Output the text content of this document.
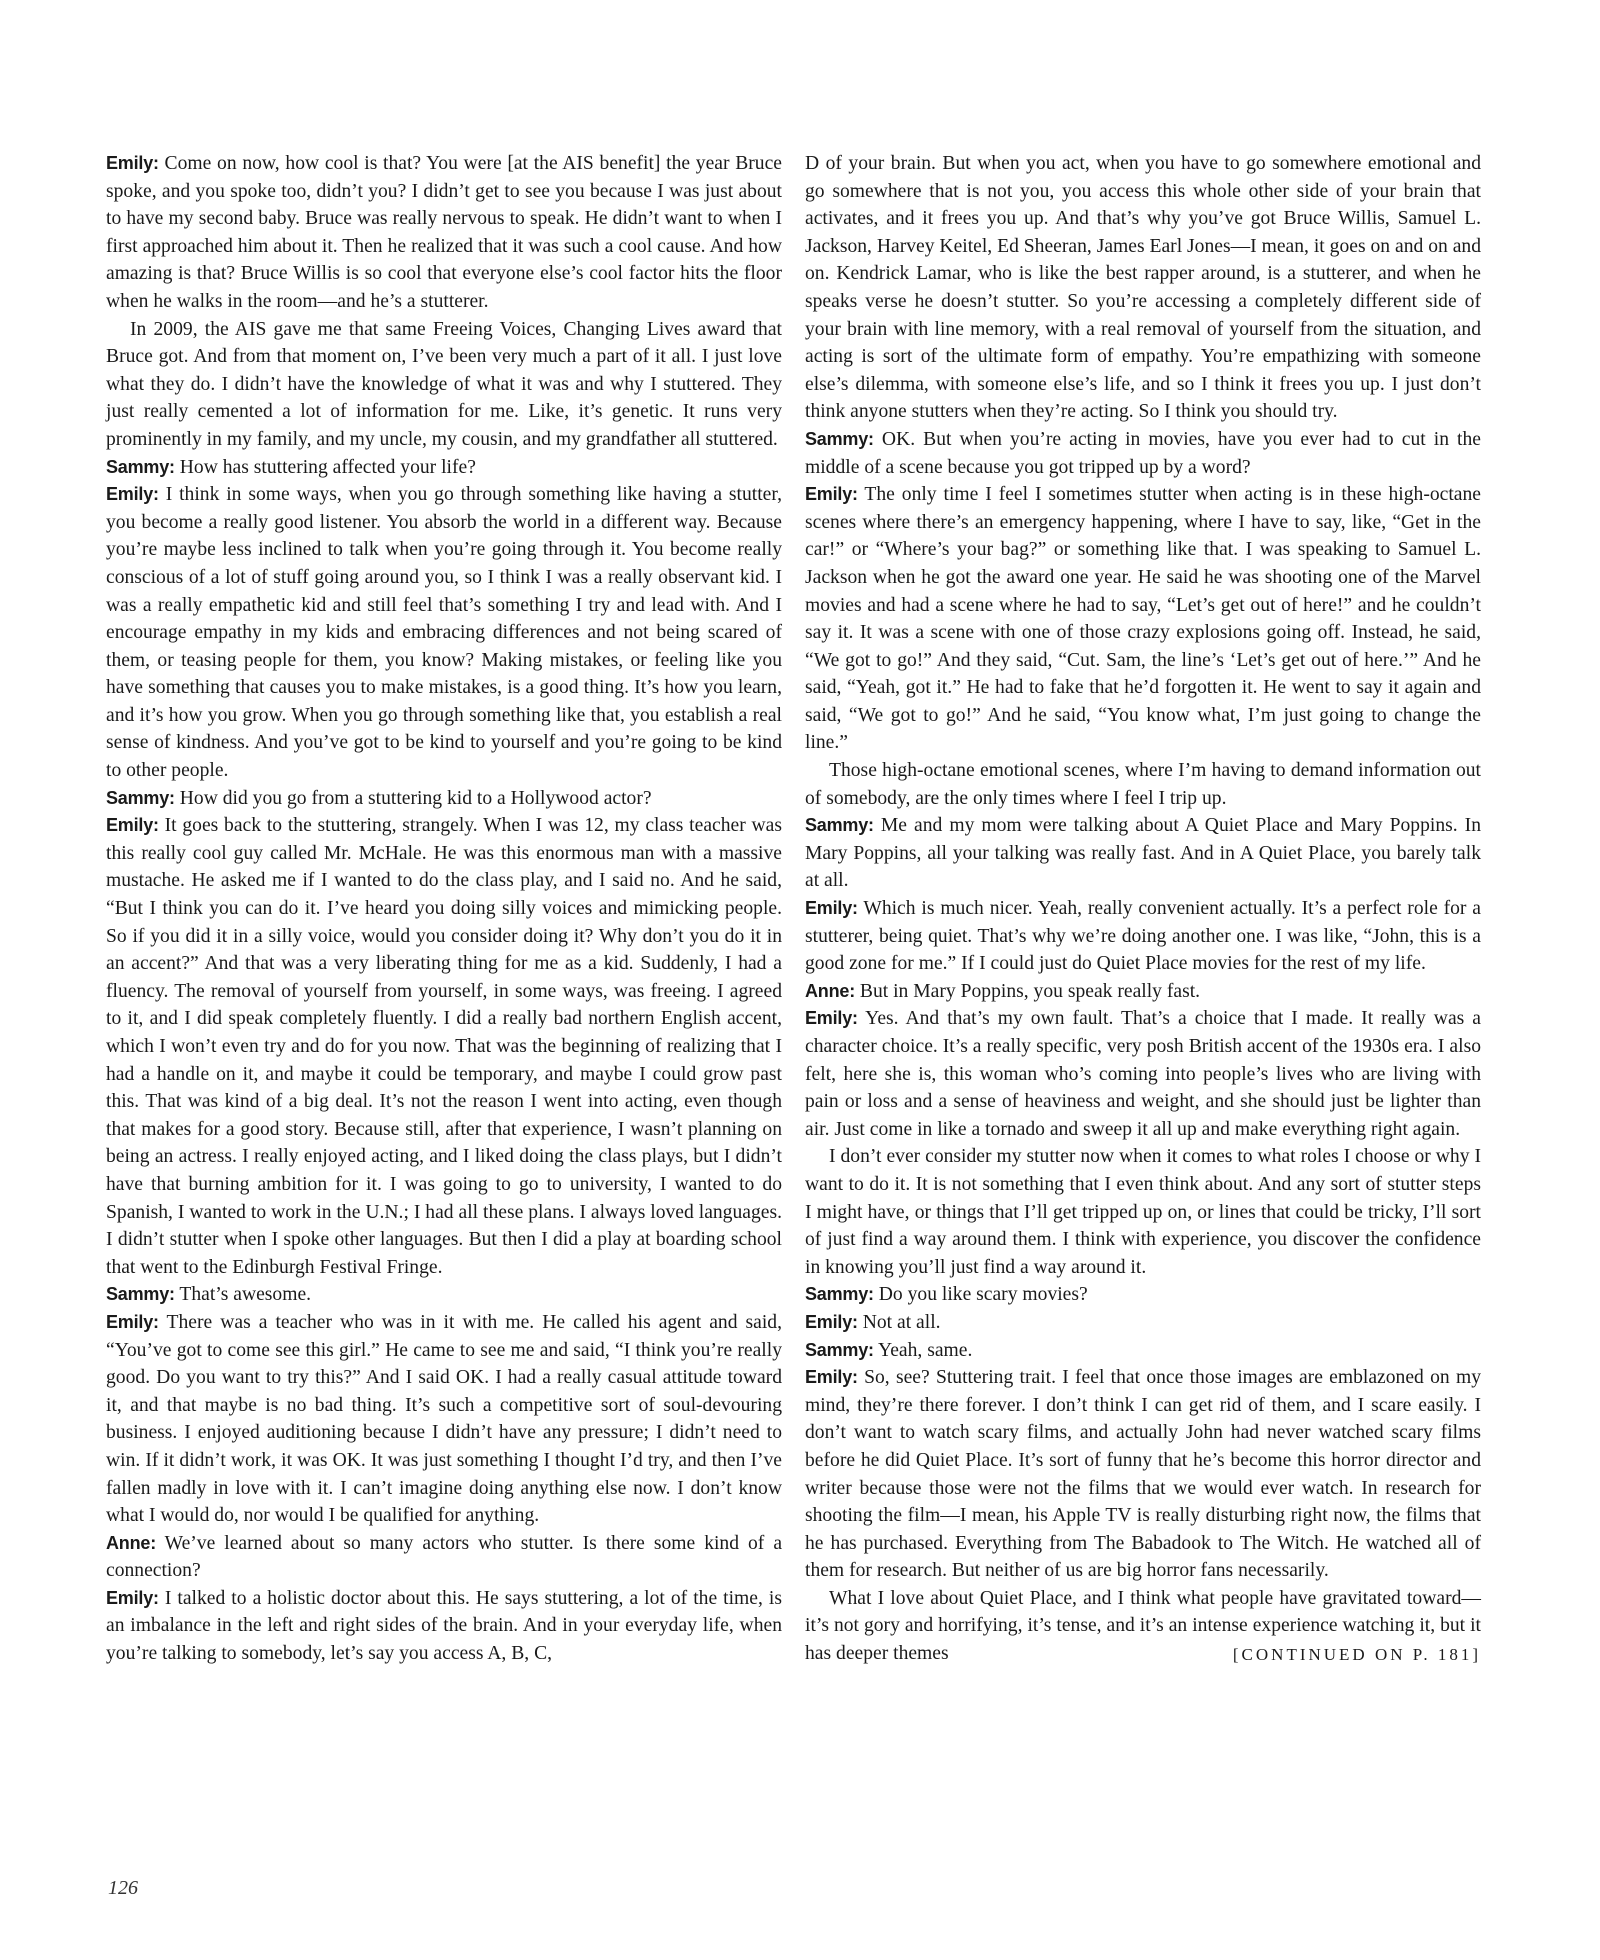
Emily: Come on now, how cool is that? You were [at the AIS benefit] the year Bruce spoke, and you spoke too, didn’t you? I didn’t get to see you because I was just about to have my second baby. Bruce was really nervous to speak. He didn’t want to when I first approached him about it. Then he realized that it was such a cool cause. And how amazing is that? Bruce Willis is so cool that everyone else’s cool factor hits the floor when he walks in the room—and he’s a stutterer.

In 2009, the AIS gave me that same Freeing Voices, Changing Lives award that Bruce got. And from that moment on, I’ve been very much a part of it all. I just love what they do. I didn’t have the knowledge of what it was and why I stuttered. They just really cemented a lot of information for me. Like, it’s genetic. It runs very prominently in my family, and my uncle, my cousin, and my grandfather all stuttered.

Sammy: How has stuttering affected your life?

Emily: I think in some ways, when you go through something like having a stutter, you become a really good listener. You absorb the world in a different way. Because you’re maybe less inclined to talk when you’re going through it. You become really conscious of a lot of stuff going around you, so I think I was a really observant kid. I was a really empathetic kid and still feel that’s something I try and lead with. And I encourage empathy in my kids and embracing differences and not being scared of them, or teasing people for them, you know? Making mistakes, or feeling like you have something that causes you to make mistakes, is a good thing. It’s how you learn, and it’s how you grow. When you go through something like that, you establish a real sense of kindness. And you’ve got to be kind to yourself and you’re going to be kind to other people.

Sammy: How did you go from a stuttering kid to a Hollywood actor?

Emily: It goes back to the stuttering, strangely. When I was 12, my class teacher was this really cool guy called Mr. McHale. He was this enormous man with a massive mustache. He asked me if I wanted to do the class play, and I said no. And he said, “But I think you can do it. I’ve heard you doing silly voices and mimicking people. So if you did it in a silly voice, would you consider doing it? Why don’t you do it in an accent?” And that was a very liberating thing for me as a kid. Suddenly, I had a fluency. The removal of yourself from yourself, in some ways, was freeing. I agreed to it, and I did speak completely fluently. I did a really bad northern English accent, which I won’t even try and do for you now. That was the beginning of realizing that I had a handle on it, and maybe it could be temporary, and maybe I could grow past this. That was kind of a big deal. It’s not the reason I went into acting, even though that makes for a good story. Because still, after that experience, I wasn’t planning on being an actress. I really enjoyed acting, and I liked doing the class plays, but I didn’t have that burning ambition for it. I was going to go to university, I wanted to do Spanish, I wanted to work in the U.N.; I had all these plans. I always loved languages. I didn’t stutter when I spoke other languages. But then I did a play at boarding school that went to the Edinburgh Festival Fringe.

Sammy: That’s awesome.

Emily: There was a teacher who was in it with me. He called his agent and said, “You’ve got to come see this girl.” He came to see me and said, “I think you’re really good. Do you want to try this?” And I said OK. I had a really casual attitude toward it, and that maybe is no bad thing. It’s such a competitive sort of soul-devouring business. I enjoyed auditioning because I didn’t have any pressure; I didn’t need to win. If it didn’t work, it was OK. It was just something I thought I’d try, and then I’ve fallen madly in love with it. I can’t imagine doing anything else now. I don’t know what I would do, nor would I be qualified for anything.

Anne: We’ve learned about so many actors who stutter. Is there some kind of a connection?

Emily: I talked to a holistic doctor about this. He says stuttering, a lot of the time, is an imbalance in the left and right sides of the brain. And in your everyday life, when you’re talking to somebody, let’s say you access A, B, C,

D of your brain. But when you act, when you have to go somewhere emotional and go somewhere that is not you, you access this whole other side of your brain that activates, and it frees you up. And that’s why you’ve got Bruce Willis, Samuel L. Jackson, Harvey Keitel, Ed Sheeran, James Earl Jones—I mean, it goes on and on and on. Kendrick Lamar, who is like the best rapper around, is a stutterer, and when he speaks verse he doesn’t stutter. So you’re accessing a completely different side of your brain with line memory, with a real removal of yourself from the situation, and acting is sort of the ultimate form of empathy. You’re empathizing with someone else’s dilemma, with someone else’s life, and so I think it frees you up. I just don’t think anyone stutters when they’re acting. So I think you should try.

Sammy: OK. But when you’re acting in movies, have you ever had to cut in the middle of a scene because you got tripped up by a word?

Emily: The only time I feel I sometimes stutter when acting is in these high-octane scenes where there’s an emergency happening, where I have to say, like, “Get in the car!” or “Where’s your bag?” or something like that. I was speaking to Samuel L. Jackson when he got the award one year. He said he was shooting one of the Marvel movies and had a scene where he had to say, “Let’s get out of here!” and he couldn’t say it. It was a scene with one of those crazy explosions going off. Instead, he said, “We got to go!” And they said, “Cut. Sam, the line’s ‘Let’s get out of here.’” And he said, “Yeah, got it.” He had to fake that he’d forgotten it. He went to say it again and said, “We got to go!” And he said, “You know what, I’m just going to change the line.”

Those high-octane emotional scenes, where I’m having to demand information out of somebody, are the only times where I feel I trip up.

Sammy: Me and my mom were talking about A Quiet Place and Mary Poppins. In Mary Poppins, all your talking was really fast. And in A Quiet Place, you barely talk at all.

Emily: Which is much nicer. Yeah, really convenient actually. It’s a perfect role for a stutterer, being quiet. That’s why we’re doing another one. I was like, “John, this is a good zone for me.” If I could just do Quiet Place movies for the rest of my life.

Anne: But in Mary Poppins, you speak really fast.

Emily: Yes. And that’s my own fault. That’s a choice that I made. It really was a character choice. It’s a really specific, very posh British accent of the 1930s era. I also felt, here she is, this woman who’s coming into people’s lives who are living with pain or loss and a sense of heaviness and weight, and she should just be lighter than air. Just come in like a tornado and sweep it all up and make everything right again.

I don’t ever consider my stutter now when it comes to what roles I choose or why I want to do it. It is not something that I even think about. And any sort of stutter steps I might have, or things that I’ll get tripped up on, or lines that could be tricky, I’ll sort of just find a way around them. I think with experience, you discover the confidence in knowing you’ll just find a way around it.

Sammy: Do you like scary movies?

Emily: Not at all.

Sammy: Yeah, same.

Emily: So, see? Stuttering trait. I feel that once those images are emblazoned on my mind, they’re there forever. I don’t think I can get rid of them, and I scare easily. I don’t want to watch scary films, and actually John had never watched scary films before he did Quiet Place. It’s sort of funny that he’s become this horror director and writer because those were not the films that we would ever watch. In research for shooting the film—I mean, his Apple TV is really disturbing right now, the films that he has purchased. Everything from The Babadook to The Witch. He watched all of them for research. But neither of us are big horror fans necessarily.

What I love about Quiet Place, and I think what people have gravitated toward—it’s not gory and horrifying, it’s tense, and it’s an intense experience watching it, but it has deeper themes	[CONTINUED ON P. 181]

126
